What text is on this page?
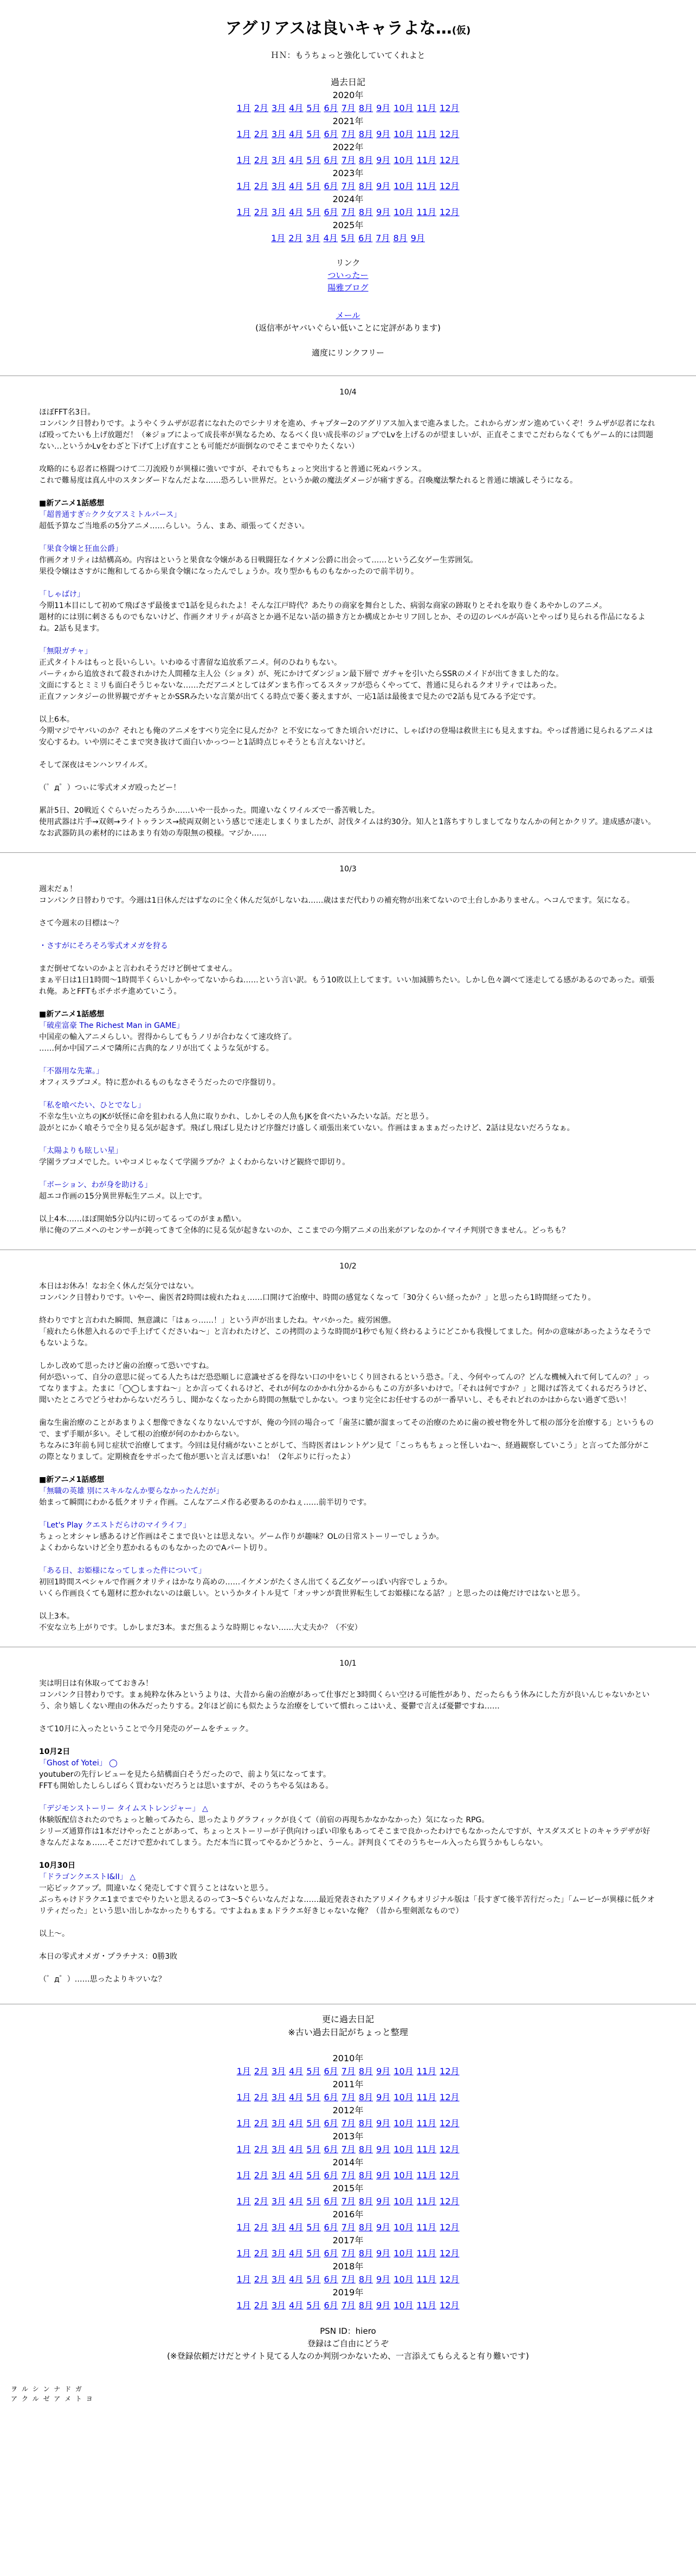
アグリアスは良いキャラよな…(仮)
ＨＮ：もうちょっと強化していてくれよと
過去日記
2020年
1月 2月 3月 4月 5月 6月 7月 8月 9月 10月 11月 12月
2021年
1月 2月 3月 4月 5月 6月 7月 8月 9月 10月 11月 12月
2022年
1月 2月 3月 4月 5月 6月 7月 8月 9月 10月 11月 12月
2023年
1月 2月 3月 4月 5月 6月 7月 8月 9月 10月 11月 12月
2024年
1月 2月 3月 4月 5月 6月 7月 8月 9月 10月 11月 12月
2025年
1月 2月 3月 4月 5月 6月 7月 8月 9月
リンク
ついったー
陽雅ブログ
メール
(返信率がヤバいぐらい低いことに定評があります)
適度にリンクフリー
10/4

ほぼFFT名3日。

コンパンク日替わりです。ようやくラムザが忍者になれたのでシナリオを進め、チャプター2のアグリアス加入まで進みました。これからガンガン進めていくぞ！ラムザが忍者になれば殴ってたいも上げ放題だ！（※ジョブによって成長率が異なるため、なるべく良い成長率のジョブでLvを上げるのが望ましいが、正直そこまでこだわらなくてもゲーム的には問題ない…というかLvをわざと下げて上げ直すことも可能だが面倒なのでそこまでやりたくない）

攻略的にも忍者に格闘つけて二刀流殴りが異様に強いですが、それでもちょっと突出すると普通に死ぬバランス。

これで難易度は真ん中のスタンダードなんだよな……恐ろしい世界だ。というか敵の魔法ダメージが痛すぎる。召喚魔法撃たれると普通に壊滅しそうになる。

■新アニメ1話感想

「超普通すぎ☆クク女アスミトルパース」

超低予算なご当地系の5分アニメ……らしい。うん、まあ、頑張ってください。

「果食令嬢と狂血公爵」

作画クオリティは結構高め。内容はというと果食な令嬢がある日戦闘狂なイケメン公爵に出会って……という乙女ゲー生雰囲気。

果役令嬢はさすがに飽和してるから果食令嬢になったんでしょうか。攻り型かもものもなかったので前半切り。

「しゃばけ」

今期11本目にして初めて飛ばさず最後まで1話を見られたよ！そんな江戸時代？あたりの商家を舞台とした、病弱な商家の跡取りとそれを取り巻くあやかしのアニメ。

題材的には別に刺さるものでもないけど、作画クオリティが高さとか過不足ない話の描き方とか構成とかセリフ回しとか、その辺のレベルが高いとやっぱり見られる作品になるよね。2話も見ます。

「無限ガチャ」

正式タイトルはもっと長いらしい。いわゆる寸書留な追放系アニメ。何のひねりもない。

パーティから追放されて殺されかけた人間種な主人公（ショタ）が、死にかけてダンジョン最下層で ガチャを引いたらSSRのメイドが出てきました的な。

文面にするとミミリも面白そうじゃないな……ただアニメとしてはダンまち作ってるスタッフが恐らくやってて、普通に見られるクオリティではあった。

正直ファンタジーの世界観でガチャとかSSRみたいな言葉が出てくる時点で萎く萎えますが、一応1話は最後まで見たので2話も見てみる予定です。

以上6本。

今期マジでヤバいのか？それとも俺のアニメをすべり完全に見んだか？と不安になってきた頃合いだけに、しゃばけの登場は救世主にも見えますね。やっぱ普通に見られるアニメは安心するわ。いや別にそこまで突き抜けて面白いかっつーと1話時点じゃそうとも言えないけど。

そして深夜はモンハンワイルズ。

（゜д゜）つぃに零式オメガ殴ったどー！

累計5日、20戦近くぐらいだったろうか……いや一長かった。間違いなくワイルズで一番苦戦した。

使用武器は片手→双剣→ライトゥランス→続両双剣という感じで迷走しまくりましたが、討伐タイムは約30分。知人と1落ちすりしましてなりなんかの何とかクリア。達成感が凄い。なお武器防具の素材的にはあまり有効の寿限無の模様。マジか……

10/3

週末だぁ！

コンパンク日替わりです。今週は1日休んだはずなのに全く休んだ気がしないね……歳はまだ代わりの補充物が出来てないので土台しかありません。ヘコんでます。気になる。

さて今週末の目標は～？

・さすがにそろそろ零式オメガを狩る

まだ倒せてないのかよと言われそうだけど倒せてません。

まぁ平日は1日1時間～1時間半くらいしかやってないからね……という言い訳。もう10敗以上してます。いい加減勝ちたい。しかし色々調べて迷走してる感があるのであった。頑張れ俺。あとFFTもボチボチ進めていこう。

■新アニメ1話感想

「破産富豪 The Richest Man in GAME」

中国産の輸入アニメらしい。習得からしてもうノリが合わなくて速攻終了。

……何か中国アニメで隣所に古典的なノリが出てくような気がする。

「不器用な先輩。」

オフィスラブコメ。特に惹かれるものもなさそうだったので序盤切り。

「私を喰べたい、ひとでなし」

不幸な生い立ちのJKが妖怪に命を狙われる人魚に取りかれ、しかしその人魚もJKを食べたいみたいな話。だと思う。

設がとにかく喰そうで全り見る気が起きず。飛ばし飛ばし見たけど序盤だけ盛しく頑張出来ていない。作画はまぁまぁだったけど、2話は見ないだろうなぁ。

「太陽よりも眩しい星」

学園ラブコメでした。いやコメじゃなくて学園ラブか？よくわからないけど観終で即切り。

「ボーション、わが身を助ける」

超エコ作画の15分異世界転生アニメ。以上です。

以上4本……ほぼ開始5分以内に切ってるってのがまぁ酷い。

単に俺のアニメへのセンサーが鈍ってきて全体的に見る気が起きないのか、ここまでの今期アニメの出来がアレなのかイマイチ判別できません。どっちも？

10/2

本日はお休み！なお全く休んだ気分ではない。

コンパンク日替わりです。いやー、歯医者2時間は疲れたねぇ……口開けて治療中、時間の感覚なくなって「30分くらい経ったか？」と思ったら1時間経ってたり。

終わりですと言われた瞬間、無意識に「はぁっ……！」という声が出ましたね。ヤバかった。疲労困憊。

「疲れたら休憩入れるので手上げてくださいね～」と言われたけど、この拷問のような時間が1秒でも短く終わるようにどこかも我慢してました。何かの意味があったようなそうでもないような。

しかし改めて思ったけど歯の治療って恐いですね。

何が恐いって、自分の意思に従ってる人たちはだ恐恐順しに意識せざるを得ない口の中をいじくり回されるという恐さ。「え、今何やってんの？どんな機械入れて何してんの？」ってなりますよ。たまに「◯◯しますね～」とか言ってくれるけど、それが何なのかかれ分かるからもこの方が多いわけで。「それは何ですか？」と聞けば答えてくれるだろうけど、聞いたところでどうせわからないだろうし、聞かなくなったから時間の無駄でしかない。つまり完全にお任せするのが一番早いし、そもそれどれのかはからない過ぎて恐い！

歯な生歯治療のことがあまりよく想像できなくなりないんですが、俺の今回の場合って「歯茎に膿が溜まってその治療のために歯の被せ物を外して根の部分を治療する」というもので、まず手順が多い。そして根の治療が何のかわからない。

ちなみに3年前も同じ症状で治療してます。今回は見付痛がないことがして、当時医者はレントゲン見て「こっちもちょっと怪しいね～、経過観察していこう」と言ってた部分がこの際となりまして。定期検査をサボったて他が悪いと言えば悪いね！（2年ぶりに行ったよ）

■新アニメ1話感想

「無職の英雄 別にスキルなんか要らなかったんだが」

始まって瞬間にわかる低クオリティ作画。こんなアニメ作る必要あるのかねぇ……前半切りです。

「Let's Play クエストだらけのマイライフ」

ちょっとオシャレ感あるけど作画はそこまで良いとは思えない。ゲーム作りが趣味？OLの日常ストーリーでしょうか。

よくわからないけど全り惹かれるものもなかったのでAパート切り。

「ある日、お姫様になってしまった件について」

初回1時間スペシャルで作画クオリティはかなり高めの……イケメンがたくさん出てくる乙女ゲーっぽい内容でしょうか。

いくら作画良くても題材に惹かれないのは厳しい。というかタイトル見て「オッサンが貴世界転生してお姫様になる話？」と思ったのは俺だけではないと思う。

以上3本。

不安な立ち上がりです。しかしまだ3本。まだ焦るような時期じゃない……大丈夫か？（不安）

10/1

実は明日は有休取ってておきみ！

コンパンク日替わりです。まぁ純粋な休みというよりは、大昔から歯の治療があって仕事だと3時間くらい空ける可能性があり、だったらもう休みにした方が良いんじゃないかという、余り嬉しくない理由の休みだったりする。2年ほど前にも似たような治療をしていて慣れっこはいえ、憂鬱で言えば憂鬱ですね……

さて10月に入ったということで今月発売のゲームをチェック。

10月2日

「Ghost of Yotei」 ◯

youtuberの先行レビューを見たら結構面白そうだったので、前より気になってます。

FFTも開始したしらしばらく買わないだろうとは思いますが、そのうちやる気はある。

「デジモンストーリー タイムストレンジャー」 △

体験版配信されたのでちょっと触ってみたら、思ったよりグラフィックが良くて（前宿の再現ちかなかなかった）気になった RPG。

シリーズ通算作は1本だけやったことがあって、ちょっとストーリーが子供向けっぽい印象もあってそこまで良かったわけでもなかったんですが、ヤスダスズヒトのキャラデザが好きなんだよなぁ……そこだけで惹かれてしまう。ただ本当に買ってやるかどうかと、うーん。評判良くてそのうちセール入ったら買うかもしらない。

10月30日

「ドラゴンクエストI&II」 △

一応ピックアップ。間違いなく発売してすぐ買うことはないと思う。

ぶっちゃけドラクエ1までまでやりたいと思えるのって3〜5ぐらいなんだよな……最近発表されたアリメイクもオリジナル版は「長すぎて後半苦行だった」「ムービーが異様に低クオリティだった」という思い出しかなかったりもする。ですよねぁまぁドラクエ好きじゃないな俺？（昔から聖剣派なもので）

以上～。

本日の零式オメガ・プラチナス：0勝3敗

（゜д゜）……思ったよりキツいな？

更に過去日記
※古い過去日記がちょっと整理
2010年
1月 2月 3月 4月 5月 6月 7月 8月 9月 10月 11月 12月
2011年
1月 2月 3月 4月 5月 6月 7月 8月 9月 10月 11月 12月
2012年
1月 2月 3月 4月 5月 6月 7月 8月 9月 10月 11月 12月
2013年
1月 2月 3月 4月 5月 6月 7月 8月 9月 10月 11月 12月
2014年
1月 2月 3月 4月 5月 6月 7月 8月 9月 10月 11月 12月
2015年
1月 2月 3月 4月 5月 6月 7月 8月 9月 10月 11月 12月
2016年
1月 2月 3月 4月 5月 6月 7月 8月 9月 10月 11月 12月
2017年
1月 2月 3月 4月 5月 6月 7月 8月 9月 10月 11月 12月
2018年
1月 2月 3月 4月 5月 6月 7月 8月 9月 10月 11月 12月
2019年
1月 2月 3月 4月 5月 6月 7月 8月 9月 10月 11月 12月
PSN ID：hiero
登録はご自由にどうぞ
(※登録依頼だけだとサイト見てる人なのか判別つかないため、一言添えてもらえると有り難いです)
ヲ ル シ ン ナ ド ガ
ア ク ル ゼ ア メ ト ヨ
